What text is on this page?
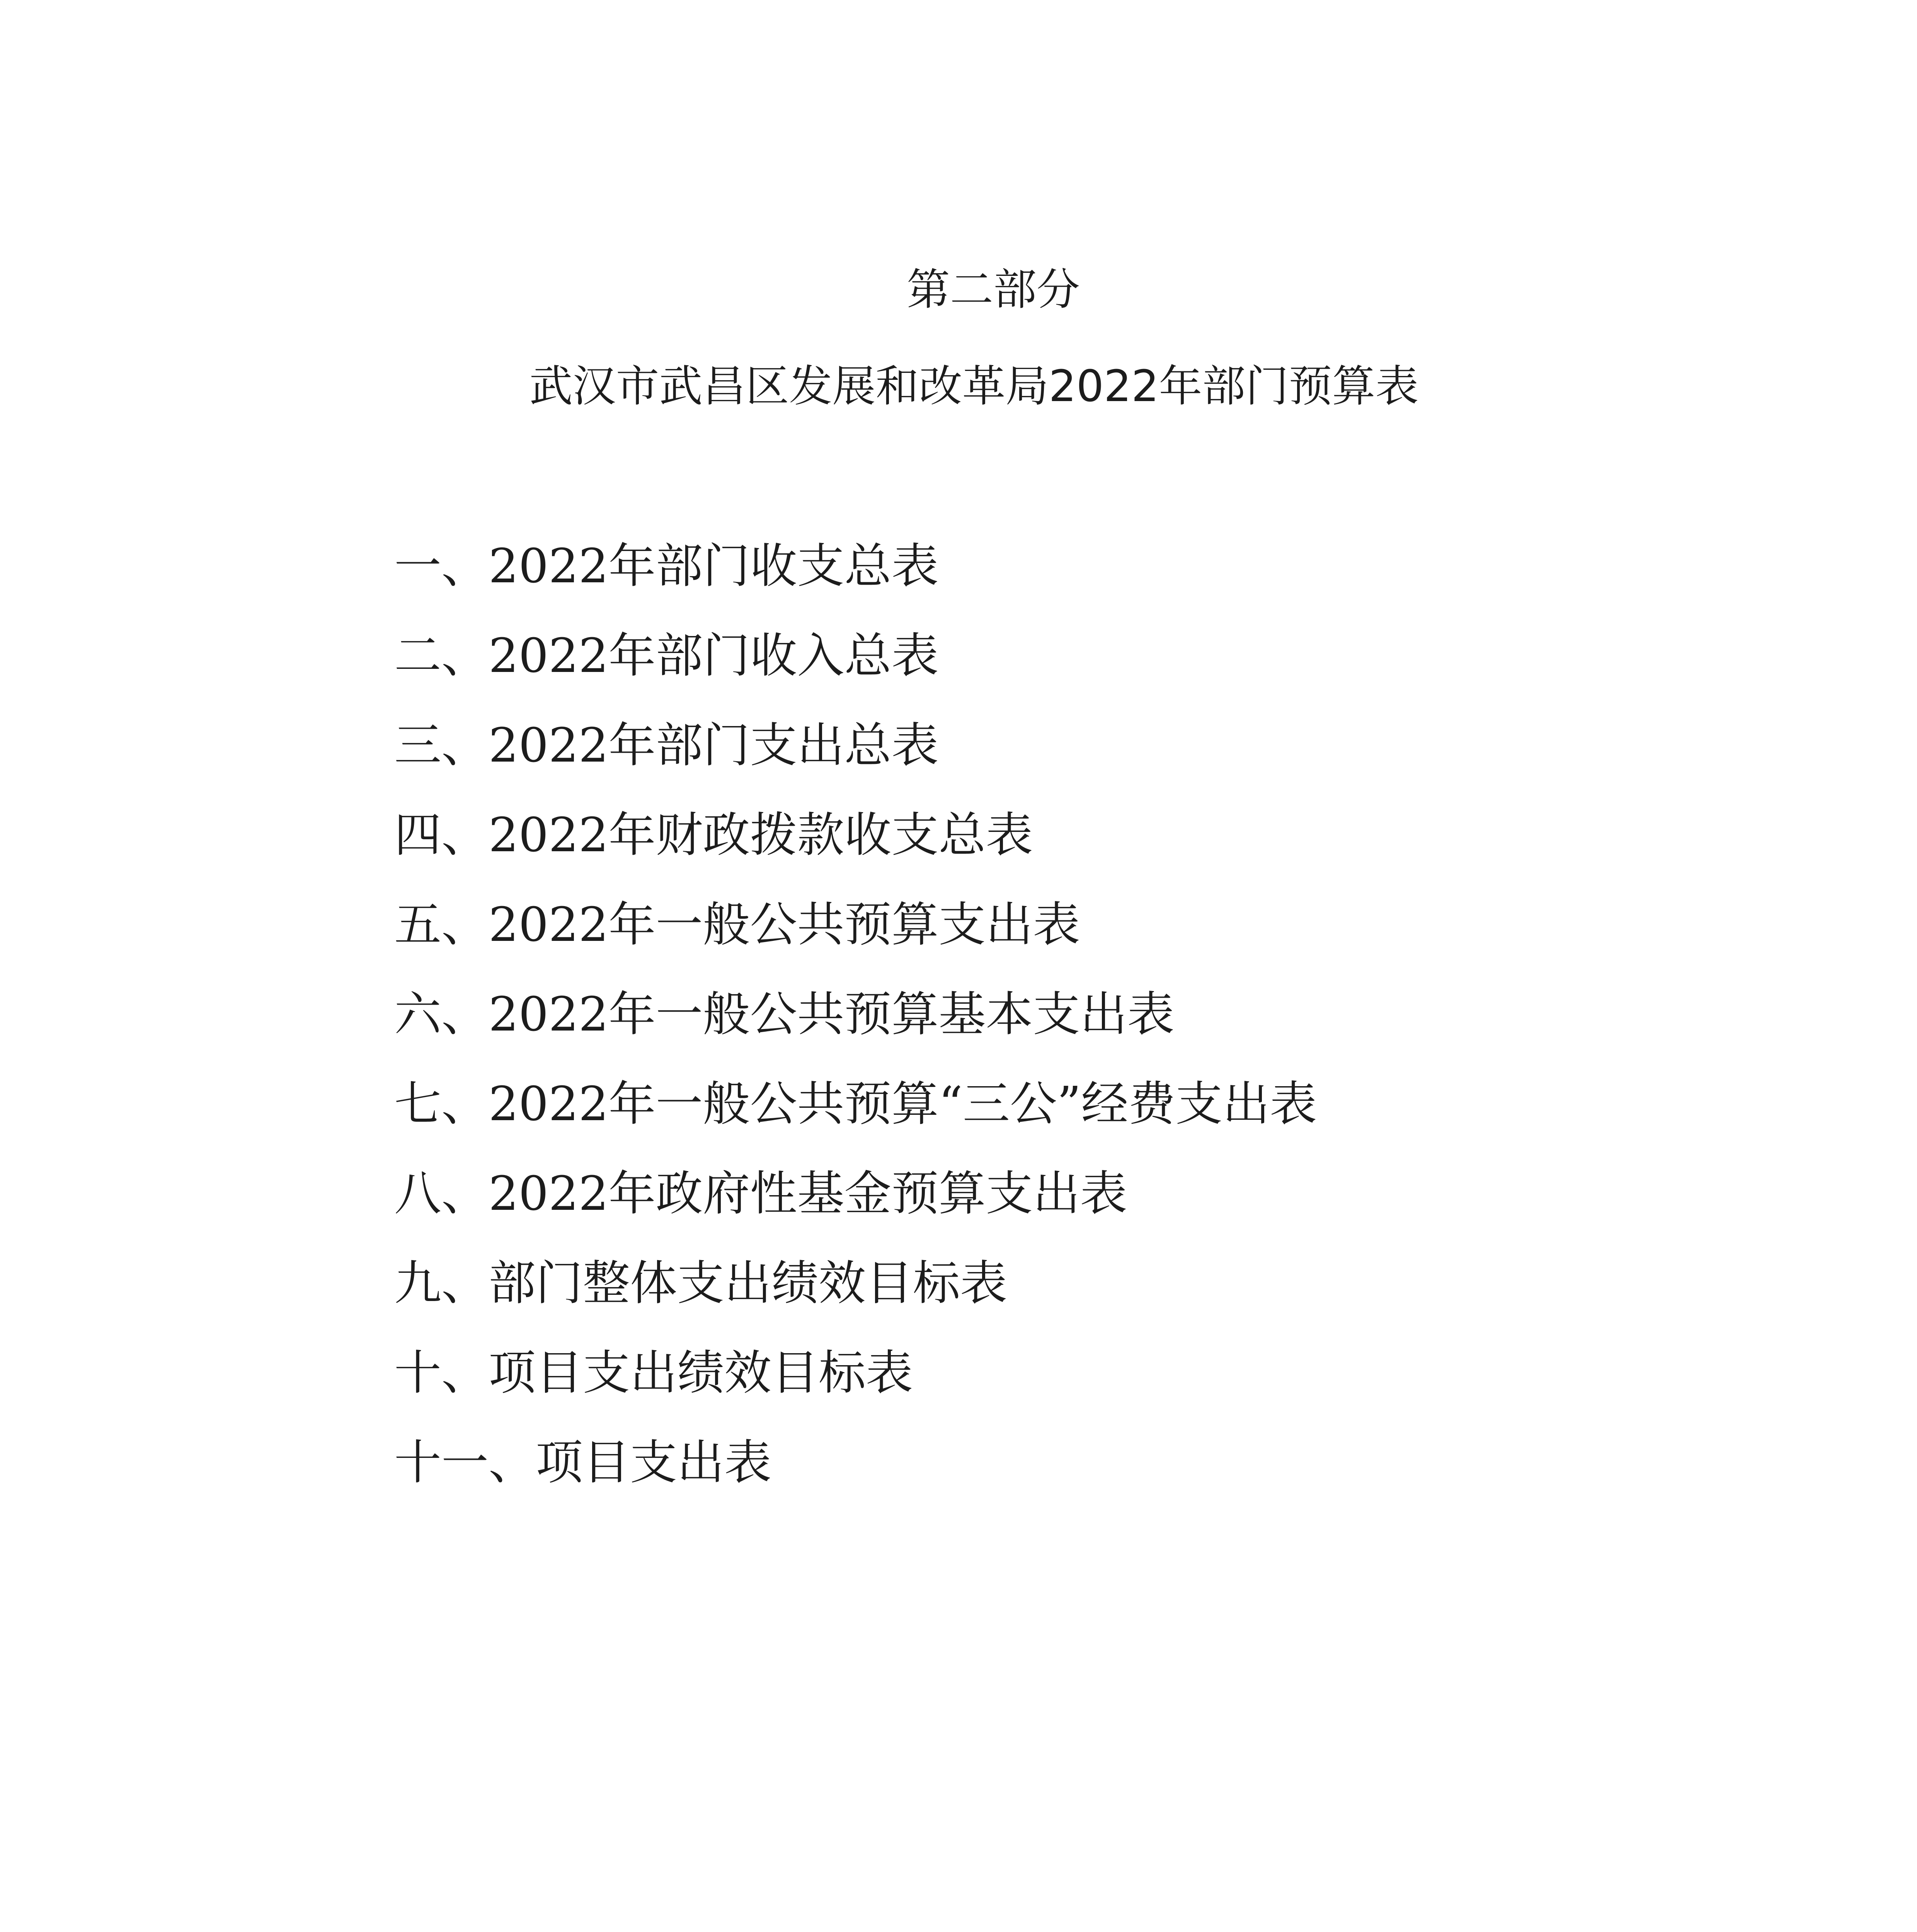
第二部分
武汉市武昌区发展和改革局2022年部门预算表
一、2022年部门收支总表
二、2022年部门收入总表
三、2022年部门支出总表
四、2022年财政拨款收支总表
五、2022年一般公共预算支出表
六、2022年一般公共预算基本支出表
七、2022年一般公共预算“三公”经费支出表
八、2022年政府性基金预算支出表
九、部门整体支出绩效目标表
十、项目支出绩效目标表
十一、项目支出表
